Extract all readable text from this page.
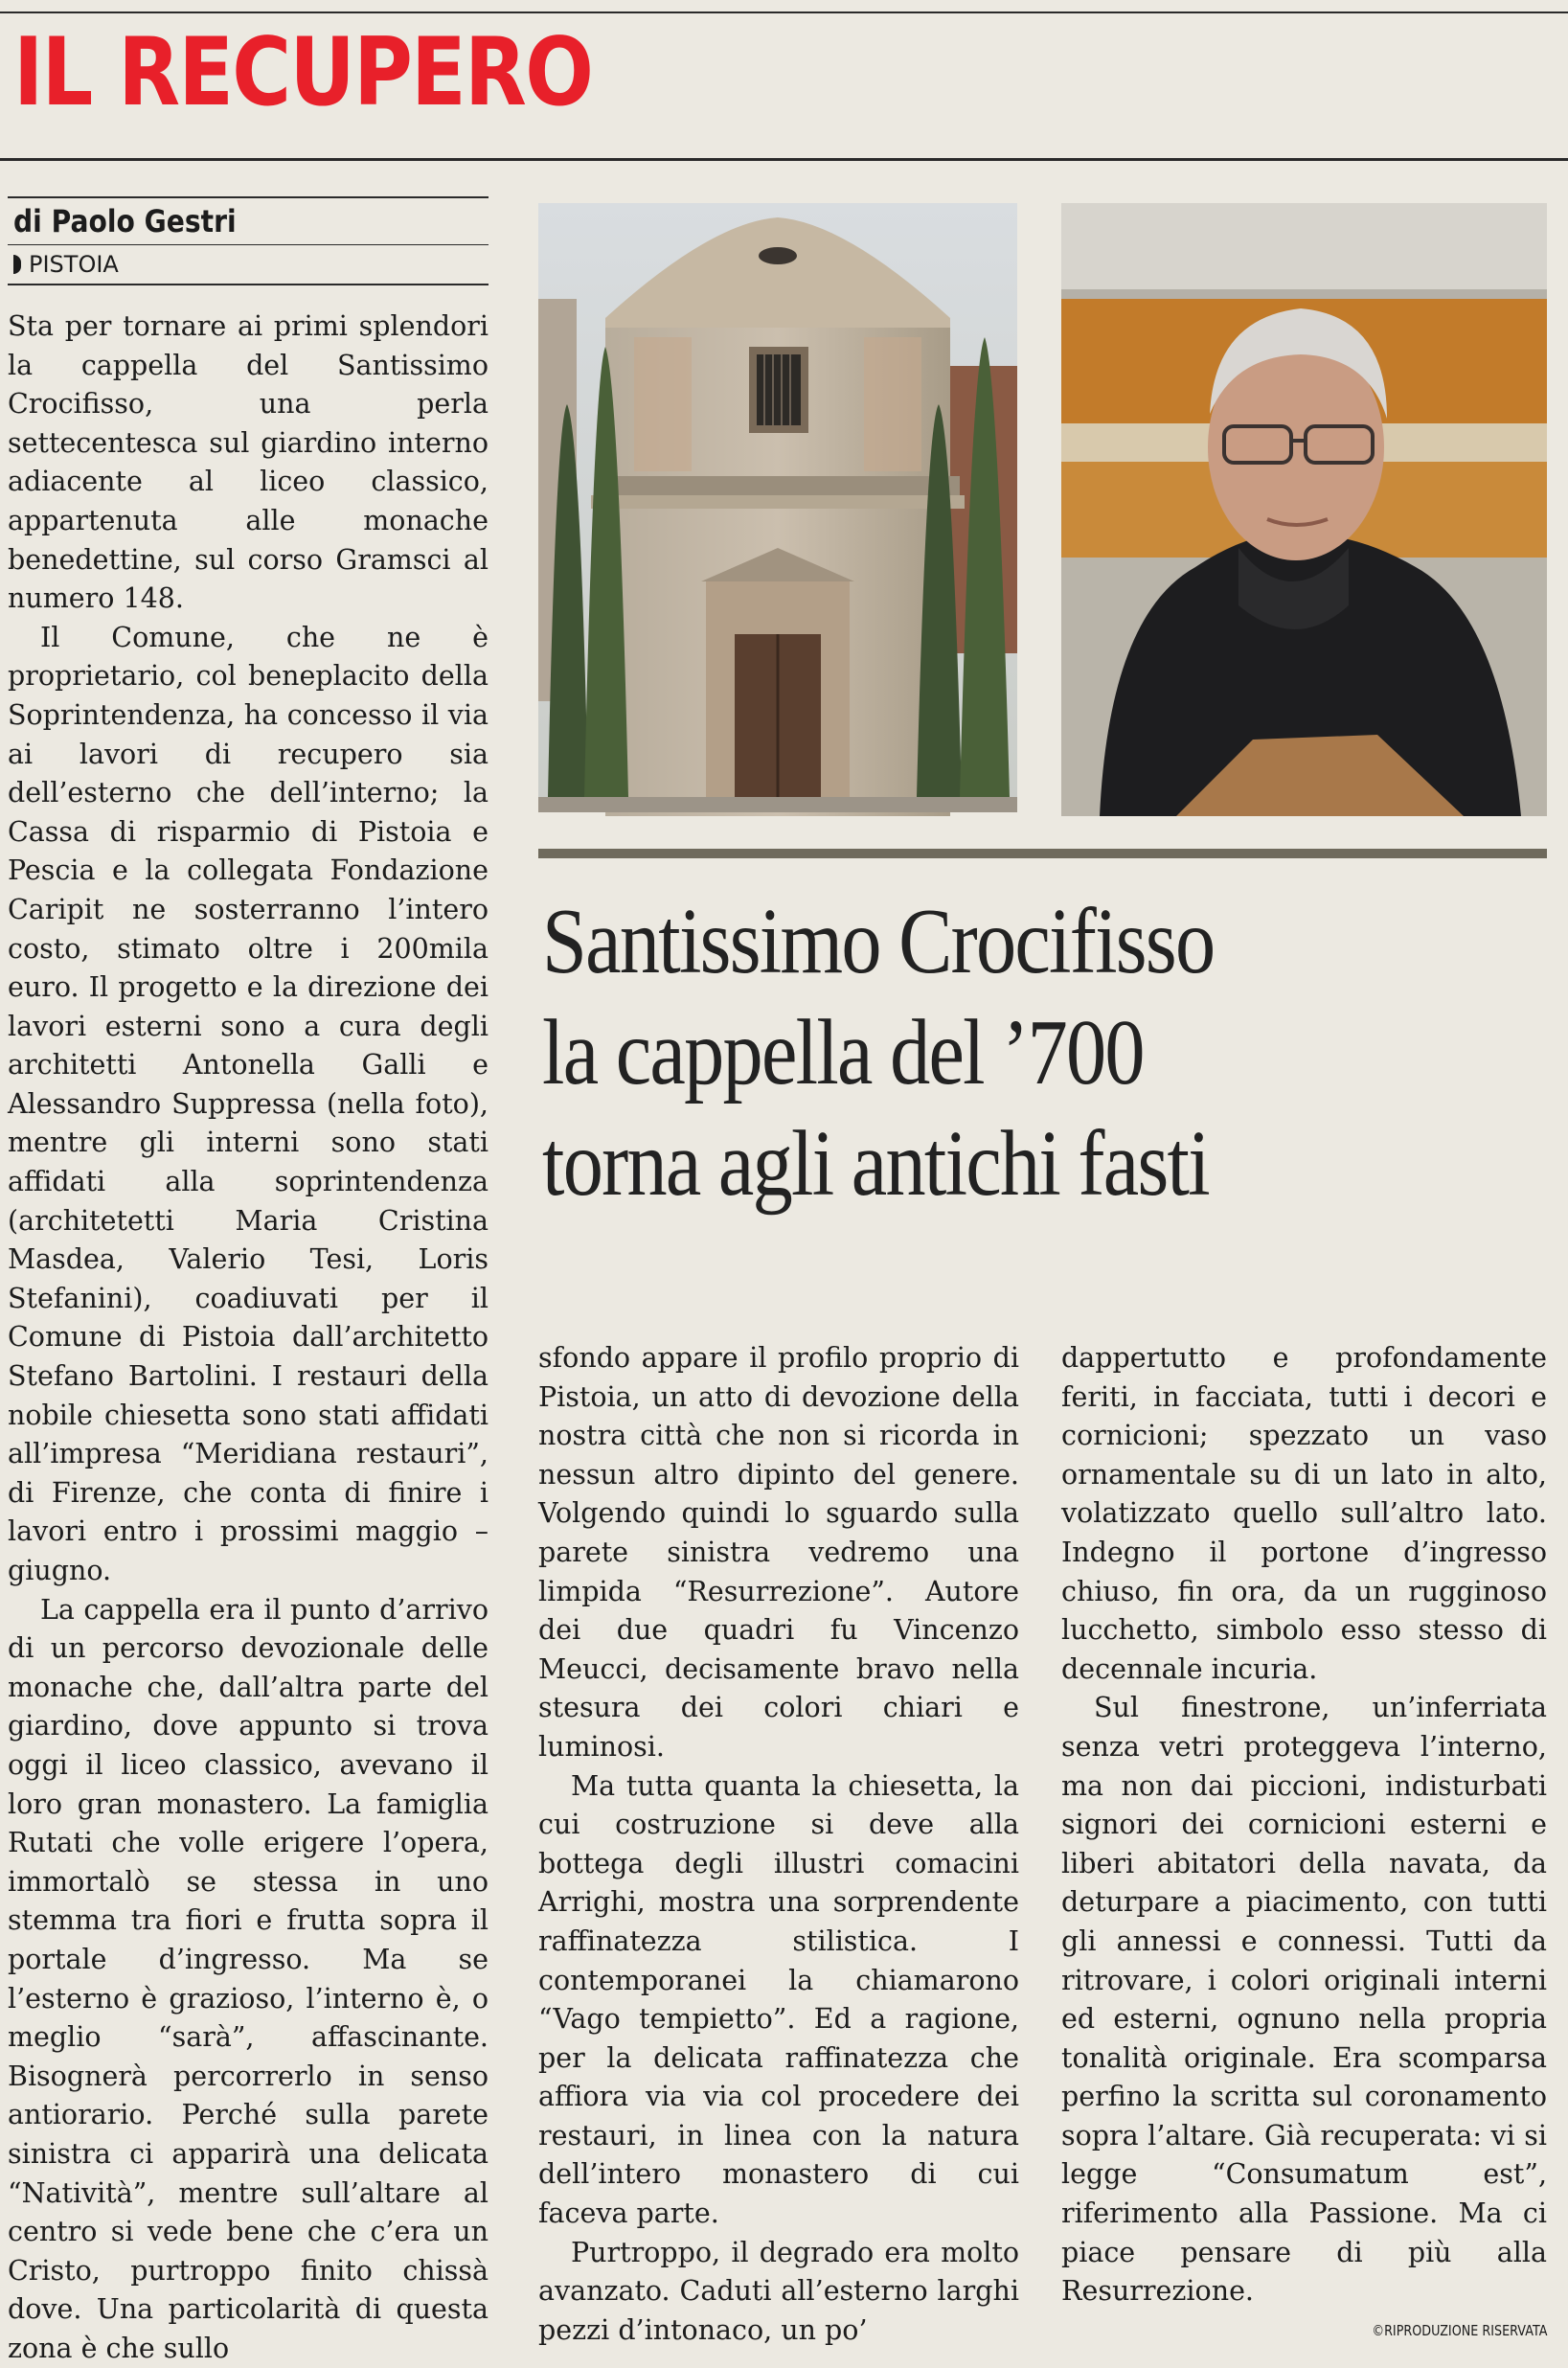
IL RECUPERO
di Paolo Gestri
PISTOIA
Santissimo Crocifisso
la cappella del ’700
torna agli antichi fasti

Sta per tornare ai primi splendori la cappella del Santissimo Crocifisso, una perla settecentesca sul giardino interno adiacente al liceo classico, appartenuta alle monache benedettine, sul corso Gramsci al numero 148.

Il Comune, che ne è proprietario, col beneplacito della Soprintendenza, ha concesso il via ai lavori di recupero sia dell’esterno che dell’interno; la Cassa di risparmio di Pistoia e Pescia e la collegata Fondazione Caripit ne sosterranno l’intero costo, stimato oltre i 200mila euro. Il progetto e la direzione dei lavori esterni sono a cura degli architetti Antonella Galli e Alessandro Suppressa (nella foto), mentre gli interni sono stati affidati alla soprintendenza (architetetti Maria Cristina Masdea, Valerio Tesi, Loris Stefanini), coadiuvati per il Comune di Pistoia dall’architetto Stefano Bartolini. I restauri della nobile chiesetta sono stati affidati all’impresa “Meridiana restauri”, di Firenze, che conta di finire i lavori entro i prossimi maggio – giugno.

La cappella era il punto d’arrivo di un percorso devozionale delle monache che, dall’altra parte del giardino, dove appunto si trova oggi il liceo classico, avevano il loro gran monastero. La famiglia Rutati che volle erigere l’opera, immortalò se stessa in uno stemma tra fiori e frutta sopra il portale d’ingresso. Ma se l’esterno è grazioso, l’interno è, o meglio “sarà”, affascinante. Bisognerà percorrerlo in senso antiorario. Perché sulla parete sinistra ci apparirà una delicata “Natività”, mentre sull’altare al centro si vede bene che c’era un Cristo, purtroppo finito chissà dove. Una particolarità di questa zona è che sullo

sfondo appare il profilo proprio di Pistoia, un atto di devozione della nostra città che non si ricorda in nessun altro dipinto del genere. Volgendo quindi lo sguardo sulla parete sinistra vedremo una limpida “Resurrezione”. Autore dei due quadri fu Vincenzo Meucci, decisamente bravo nella stesura dei colori chiari e luminosi.

Ma tutta quanta la chiesetta, la cui costruzione si deve alla bottega degli illustri comacini Arrighi, mostra una sorprendente raffinatezza stilistica. I contemporanei la chiamarono “Vago tempietto”. Ed a ragione, per la delicata raffinatezza che affiora via via col procedere dei restauri, in linea con la natura dell’intero monastero di cui faceva parte.

Purtroppo, il degrado era molto avanzato. Caduti all’esterno larghi pezzi d’intonaco, un po’

dappertutto e profondamente feriti, in facciata, tutti i decori e cornicioni; spezzato un vaso ornamentale su di un lato in alto, volatizzato quello sull’altro lato. Indegno il portone d’ingresso chiuso, fin ora, da un rugginoso lucchetto, simbolo esso stesso di decennale incuria.

Sul finestrone, un’inferriata senza vetri proteggeva l’interno, ma non dai piccioni, indisturbati signori dei cornicioni esterni e liberi abitatori della navata, da deturpare a piacimento, con tutti gli annessi e connessi. Tutti da ritrovare, i colori originali interni ed esterni, ognuno nella propria tonalità originale. Era scomparsa perfino la scritta sul coronamento sopra l’altare. Già recuperata: vi si legge “Consumatum est”, riferimento alla Passione. Ma ci piace pensare di più alla Resurrezione.

©RIPRODUZIONE RISERVATA
